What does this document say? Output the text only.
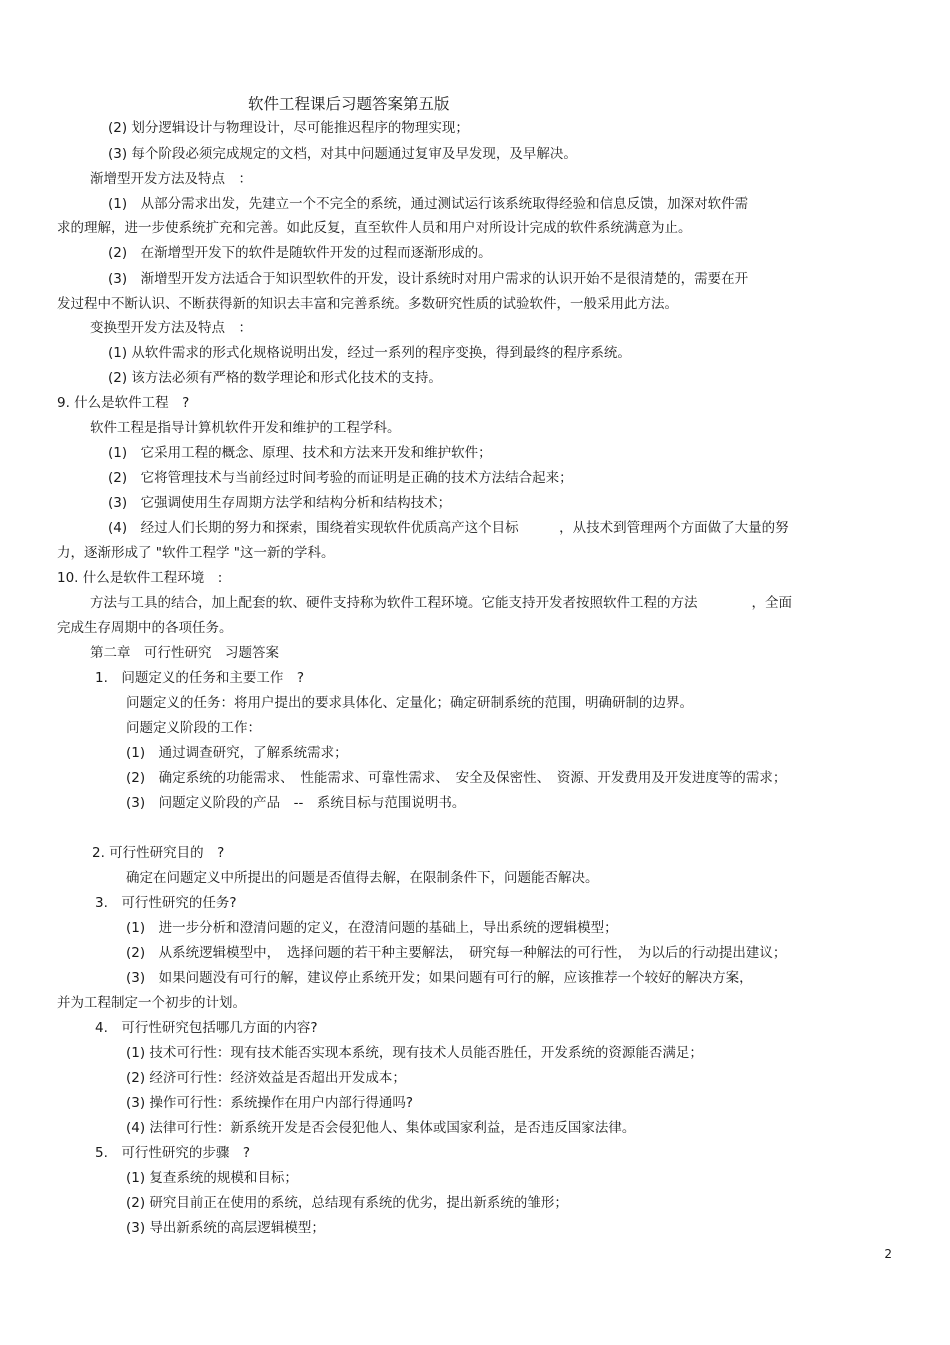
软件工程课后习题答案第五版
(2) 划分逻辑设计与物理设计，尽可能推迟程序的物理实现；
(3) 每个阶段必须完成规定的文档，对其中问题通过复审及早发现，及早解决。
渐增型开发方法及特点　：
(1)　从部分需求出发，先建立一个不完全的系统，通过测试运行该系统取得经验和信息反馈，加深对软件需
求的理解，进一步使系统扩充和完善。如此反复，直至软件人员和用户对所设计完成的软件系统满意为止。
(2)　在渐增型开发下的软件是随软件开发的过程而逐渐形成的。
(3)　渐增型开发方法适合于知识型软件的开发，设计系统时对用户需求的认识开始不是很清楚的，需要在开
发过程中不断认识、不断获得新的知识去丰富和完善系统。多数研究性质的试验软件，一般采用此方法。
变换型开发方法及特点　：
(1) 从软件需求的形式化规格说明出发，经过一系列的程序变换，得到最终的程序系统。
(2) 该方法必须有严格的数学理论和形式化技术的支持。
9. 什么是软件工程　?
软件工程是指导计算机软件开发和维护的工程学科。
(1)　它采用工程的概念、原理、技术和方法来开发和维护软件；
(2)　它将管理技术与当前经过时间考验的而证明是正确的技术方法结合起来；
(3)　它强调使用生存周期方法学和结构分析和结构技术；
(4)　经过人们长期的努力和探索，围绕着实现软件优质高产这个目标　　　，从技术到管理两个方面做了大量的努
力，逐渐形成了 "软件工程学 "这一新的学科。
10. 什么是软件工程环境　:
方法与工具的结合，加上配套的软、硬件支持称为软件工程环境。它能支持开发者按照软件工程的方法　　　　，全面
完成生存周期中的各项任务。
第二章　可行性研究　习题答案
1.　问题定义的任务和主要工作　?
问题定义的任务：将用户提出的要求具体化、定量化；确定研制系统的范围，明确研制的边界。
问题定义阶段的工作：
(1)　通过调查研究，了解系统需求；
(2)　确定系统的功能需求、　性能需求、可靠性需求、　安全及保密性、　资源、开发费用及开发进度等的需求；
(3)　问题定义阶段的产品　--　系统目标与范围说明书。
2. 可行性研究目的　?
确定在问题定义中所提出的问题是否值得去解，在限制条件下，问题能否解决。
3.　可行性研究的任务?
(1)　进一步分析和澄清问题的定义，在澄清问题的基础上，导出系统的逻辑模型；
(2)　从系统逻辑模型中，　选择问题的若干种主要解法，　研究每一种解法的可行性，　为以后的行动提出建议；
(3)　如果问题没有可行的解，建议停止系统开发；如果问题有可行的解，应该推荐一个较好的解决方案，
并为工程制定一个初步的计划。
4.　可行性研究包括哪几方面的内容?
(1) 技术可行性：现有技术能否实现本系统，现有技术人员能否胜任，开发系统的资源能否满足；
(2) 经济可行性：经济效益是否超出开发成本；
(3) 操作可行性：系统操作在用户内部行得通吗?
(4) 法律可行性：新系统开发是否会侵犯他人、集体或国家利益，是否违反国家法律。
5.　可行性研究的步骤　?
(1) 复查系统的规模和目标；
(2) 研究目前正在使用的系统，总结现有系统的优劣，提出新系统的雏形；
(3) 导出新系统的高层逻辑模型；
2
